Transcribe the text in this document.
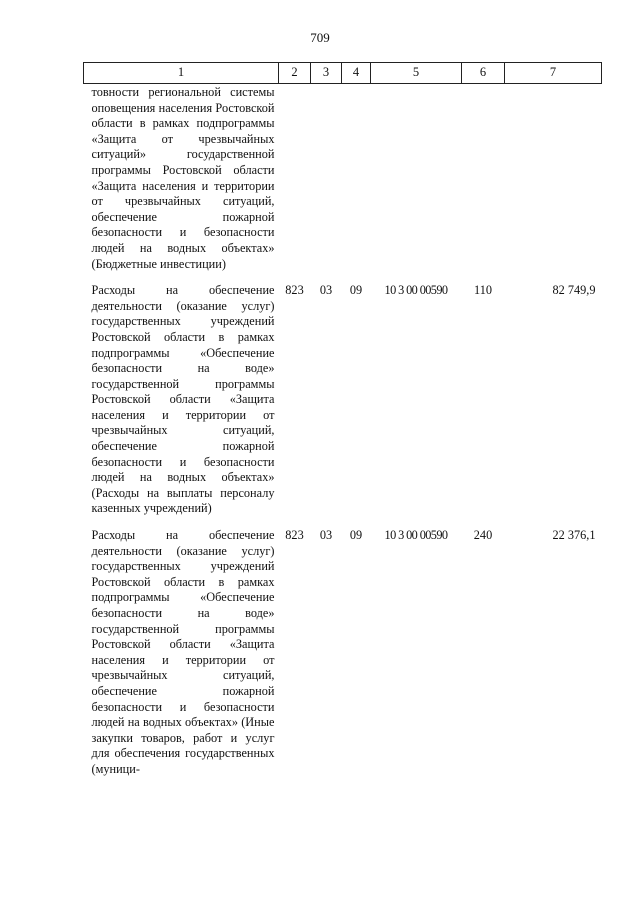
709
1	2	3	4	5	6	7
товности региональной системы оповещения населения Ростовской области в рамках подпрограммы «Защита от чрезвычайных ситуаций» государственной программы Ростовской области «Защита населения и территории от чрезвычайных ситуаций, обеспечение пожарной безопасности и безопасности людей на водных объектах» (Бюджетные инвестиции)						
Расходы на обеспечение деятельности (оказание услуг) государственных учреждений Ростовской области в рамках подпрограммы «Обеспечение безопасности на воде» государственной программы Ростовской области «Защита населения и территории от чрезвычайных ситуаций, обеспечение пожарной безопасности и безопасности людей на водных объектах» (Расходы на выплаты персоналу казенных учреждений)	823	03	09	10 3 00 00590	110	82 749,9
Расходы на обеспечение деятельности (оказание услуг) государственных учреждений Ростовской области в рамках подпрограммы «Обеспечение безопасности на воде» государственной программы Ростовской области «Защита населения и территории от чрезвычайных ситуаций, обеспечение пожарной безопасности и безопасности людей на водных объектах» (Иные закупки товаров, работ и услуг для обеспечения государственных (муници-	823	03	09	10 3 00 00590	240	22 376,1
